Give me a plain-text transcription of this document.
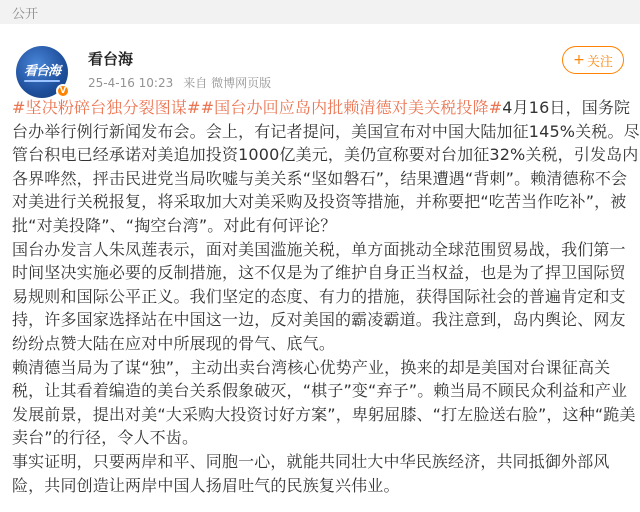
公开
看台海
V
看台海
25-4-16 10:23 来自 微博网页版
+ 关注

#坚决粉碎台独分裂图谋##国台办回应岛内批赖清德对美关税投降#4月16日，国务院台办举行例行新闻发布会。会上，有记者提问，美国宣布对中国大陆加征145%关税。尽管台积电已经承诺对美追加投资1000亿美元，美仍宣称要对台加征32%关税，引发岛内各界哗然，抨击民进党当局吹嘘与美关系“坚如磐石”，结果遭遇“背刺”。赖清德称不会对美进行关税报复，将采取加大对美采购及投资等措施，并称要把“吃苦当作吃补”，被批“对美投降”、“掏空台湾”。对此有何评论？

国台办发言人朱凤莲表示，面对美国滥施关税，单方面挑动全球范围贸易战，我们第一时间坚决实施必要的反制措施，这不仅是为了维护自身正当权益，也是为了捍卫国际贸易规则和国际公平正义。我们坚定的态度、有力的措施，获得国际社会的普遍肯定和支持，许多国家选择站在中国这一边，反对美国的霸凌霸道。我注意到，岛内舆论、网友纷纷点赞大陆在应对中所展现的骨气、底气。

赖清德当局为了谋“独”，主动出卖台湾核心优势产业，换来的却是美国对台课征高关税，让其看着编造的美台关系假象破灭，“棋子”变“弃子”。赖当局不顾民众利益和产业发展前景，提出对美“大采购大投资讨好方案”，卑躬屈膝、“打左脸送右脸”，这种“跪美卖台”的行径，令人不齿。

事实证明，只要两岸和平、同胞一心，就能共同壮大中华民族经济，共同抵御外部风险，共同创造让两岸中国人扬眉吐气的民族复兴伟业。
